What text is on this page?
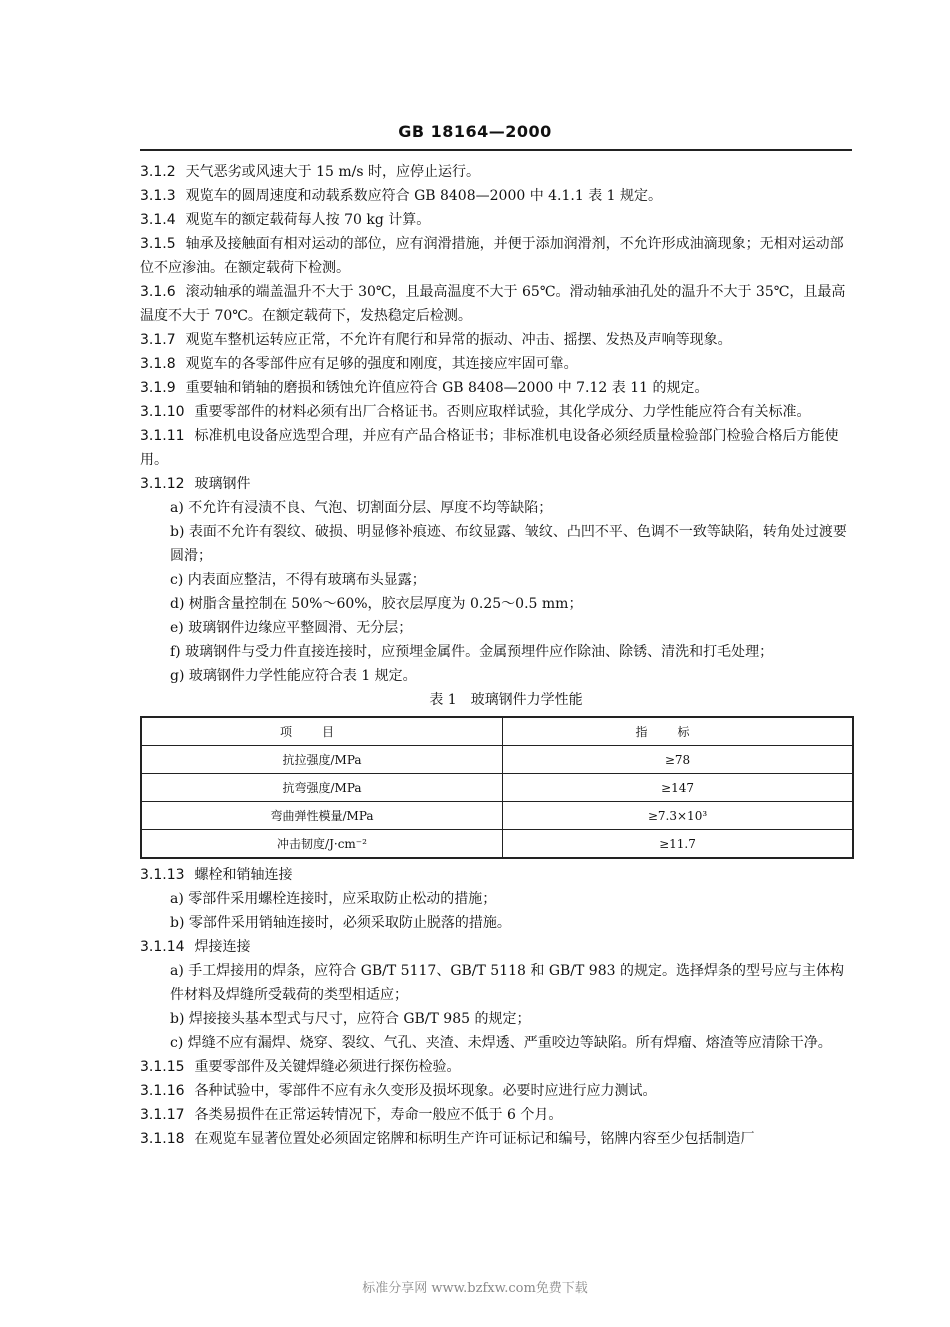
GB 18164—2000

3.1.2 天气恶劣或风速大于 15 m/s 时，应停止运行。

3.1.3 观览车的圆周速度和动载系数应符合 GB 8408—2000 中 4.1.1 表 1 规定。

3.1.4 观览车的额定载荷每人按 70 kg 计算。

3.1.5 轴承及接触面有相对运动的部位，应有润滑措施，并便于添加润滑剂，不允许形成油滴现象；无相对运动部位不应渗油。在额定载荷下检测。

3.1.6 滚动轴承的端盖温升不大于 30℃，且最高温度不大于 65℃。滑动轴承油孔处的温升不大于 35℃，且最高温度不大于 70℃。在额定载荷下，发热稳定后检测。

3.1.7 观览车整机运转应正常，不允许有爬行和异常的振动、冲击、摇摆、发热及声响等现象。

3.1.8 观览车的各零部件应有足够的强度和刚度，其连接应牢固可靠。

3.1.9 重要轴和销轴的磨损和锈蚀允许值应符合 GB 8408—2000 中 7.12 表 11 的规定。

3.1.10 重要零部件的材料必须有出厂合格证书。否则应取样试验，其化学成分、力学性能应符合有关标准。

3.1.11 标准机电设备应选型合理，并应有产品合格证书；非标准机电设备必须经质量检验部门检验合格后方能使用。

3.1.12 玻璃钢件

a) 不允许有浸渍不良、气泡、切割面分层、厚度不均等缺陷；

b) 表面不允许有裂纹、破损、明显修补痕迹、布纹显露、皱纹、凸凹不平、色调不一致等缺陷，转角处过渡要圆滑；

c) 内表面应整洁，不得有玻璃布头显露；

d) 树脂含量控制在 50%～60%，胶衣层厚度为 0.25～0.5 mm；

e) 玻璃钢件边缘应平整圆滑、无分层；

f) 玻璃钢件与受力件直接连接时，应预埋金属件。金属预埋件应作除油、除锈、清洗和打毛处理；

g) 玻璃钢件力学性能应符合表 1 规定。

表 1　玻璃钢件力学性能

项目	指标
抗拉强度/MPa	≥78
抗弯强度/MPa	≥147
弯曲弹性模量/MPa	≥7.3×10³
冲击韧度/J·cm⁻²	≥11.7

3.1.13 螺栓和销轴连接

a) 零部件采用螺栓连接时，应采取防止松动的措施；

b) 零部件采用销轴连接时，必须采取防止脱落的措施。

3.1.14 焊接连接

a) 手工焊接用的焊条，应符合 GB/T 5117、GB/T 5118 和 GB/T 983 的规定。选择焊条的型号应与主体构件材料及焊缝所受载荷的类型相适应；

b) 焊接接头基本型式与尺寸，应符合 GB/T 985 的规定；

c) 焊缝不应有漏焊、烧穿、裂纹、气孔、夹渣、未焊透、严重咬边等缺陷。所有焊瘤、熔渣等应清除干净。

3.1.15 重要零部件及关键焊缝必须进行探伤检验。

3.1.16 各种试验中，零部件不应有永久变形及损坏现象。必要时应进行应力测试。

3.1.17 各类易损件在正常运转情况下，寿命一般应不低于 6 个月。

3.1.18 在观览车显著位置处必须固定铭牌和标明生产许可证标记和编号，铭牌内容至少包括制造厂

标准分享网 www.bzfxw.com免费下载
